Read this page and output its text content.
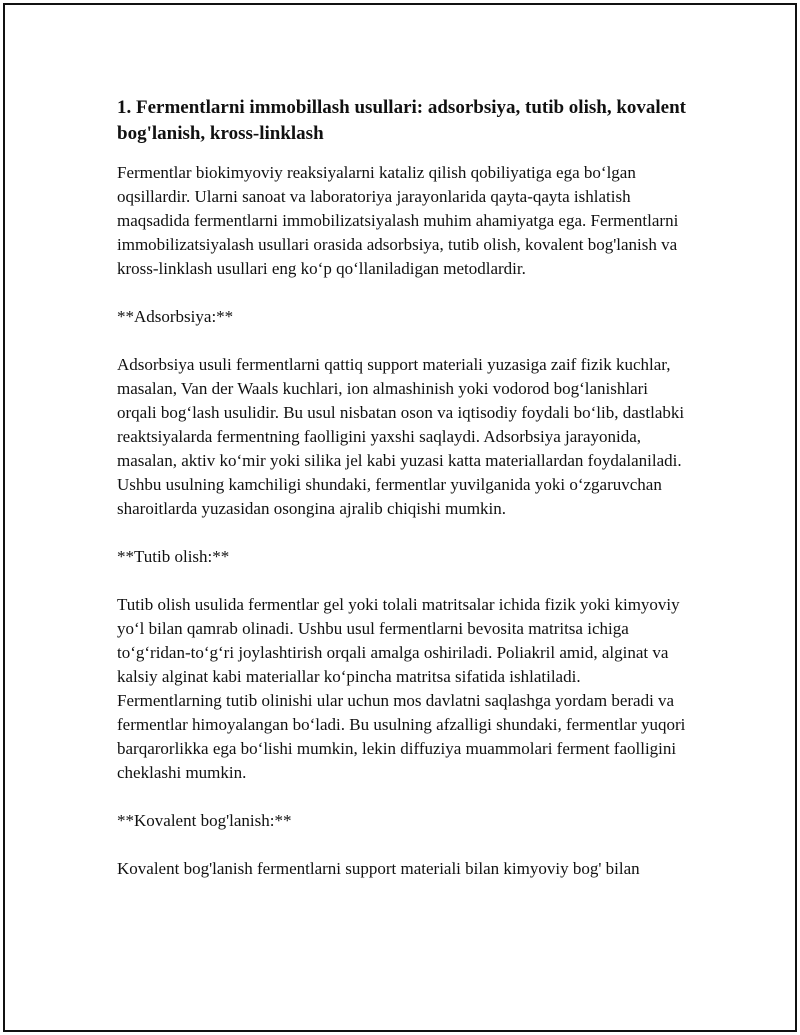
1. Fermentlarni immobillash usullari: adsorbsiya, tutib olish, kovalent bog'lanish, kross-linklash

Fermentlar biokimyoviy reaksiyalarni kataliz qilish qobiliyatiga ega bo‘lgan oqsillardir. Ularni sanoat va laboratoriya jarayonlarida qayta-qayta ishlatish maqsadida fermentlarni immobilizatsiyalash muhim ahamiyatga ega. Fermentlarni immobilizatsiyalash usullari orasida adsorbsiya, tutib olish, kovalent bog'lanish va kross-linklash usullari eng ko‘p qo‘llaniladigan metodlardir.

**Adsorbsiya:**

Adsorbsiya usuli fermentlarni qattiq support materiali yuzasiga zaif fizik kuchlar, masalan, Van der Waals kuchlari, ion almashinish yoki vodorod bog‘lanishlari orqali bog‘lash usulidir. Bu usul nisbatan oson va iqtisodiy foydali bo‘lib, dastlabki reaktsiyalarda fermentning faolligini yaxshi saqlaydi. Adsorbsiya jarayonida, masalan, aktiv ko‘mir yoki silika jel kabi yuzasi katta materiallardan foydalaniladi. Ushbu usulning kamchiligi shundaki, fermentlar yuvilganida yoki o‘zgaruvchan sharoitlarda yuzasidan osongina ajralib chiqishi mumkin.

**Tutib olish:**

Tutib olish usulida fermentlar gel yoki tolali matritsalar ichida fizik yoki kimyoviy yo‘l bilan qamrab olinadi. Ushbu usul fermentlarni bevosita matritsa ichiga to‘g‘ridan-to‘g‘ri joylashtirish orqali amalga oshiriladi. Poliakril amid, alginat va kalsiy alginat kabi materiallar ko‘pincha matritsa sifatida ishlatiladi. Fermentlarning tutib olinishi ular uchun mos davlatni saqlashga yordam beradi va fermentlar himoyalangan bo‘ladi. Bu usulning afzalligi shundaki, fermentlar yuqori barqarorlikka ega bo‘lishi mumkin, lekin diffuziya muammolari ferment faolligini cheklashi mumkin.

**Kovalent bog'lanish:**

Kovalent bog'lanish fermentlarni support materiali bilan kimyoviy bog' bilan
